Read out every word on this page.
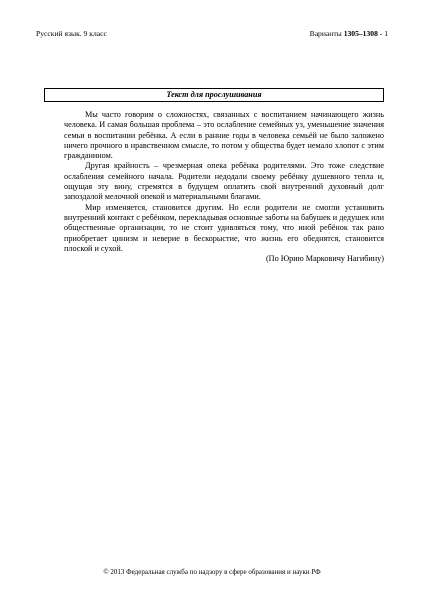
Русский язык. 9 класс	Варианты 1305–1308 - 1
Текст для прослушивания

Мы часто говорим о сложностях, связанных с воспитанием начинающего жизнь человека. И самая большая проблема – это ослабление семейных уз, уменьшение значения семьи в воспитании ребёнка. А если в ранние годы в человека семьёй не было заложено ничего прочного в нравственном смысле, то потом у общества будет немало хлопот с этим гражданином.

Другая крайность – чрезмерная опека ребёнка родителями. Это тоже следствие ослабления семейного начала. Родители недодали своему ребёнку душевного тепла и, ощущая эту вину, стремятся в будущем оплатить свой внутренний духовный долг запоздалой мелочной опекой и материальными благами.

Мир изменяется, становится другим. Но если родители не смогли установить внутренний контакт с ребёнком, перекладывая основные заботы на бабушек и дедушек или общественные организации, то не стоит удивляться тому, что иной ребёнок так рано приобретает цинизм и неверие в бескорыстие, что жизнь его обеднятся, становится плоской и сухой.

(По Юрию Марковичу Нагибину)

© 2013 Федеральная служба по надзору в сфере образования и науки РФ
